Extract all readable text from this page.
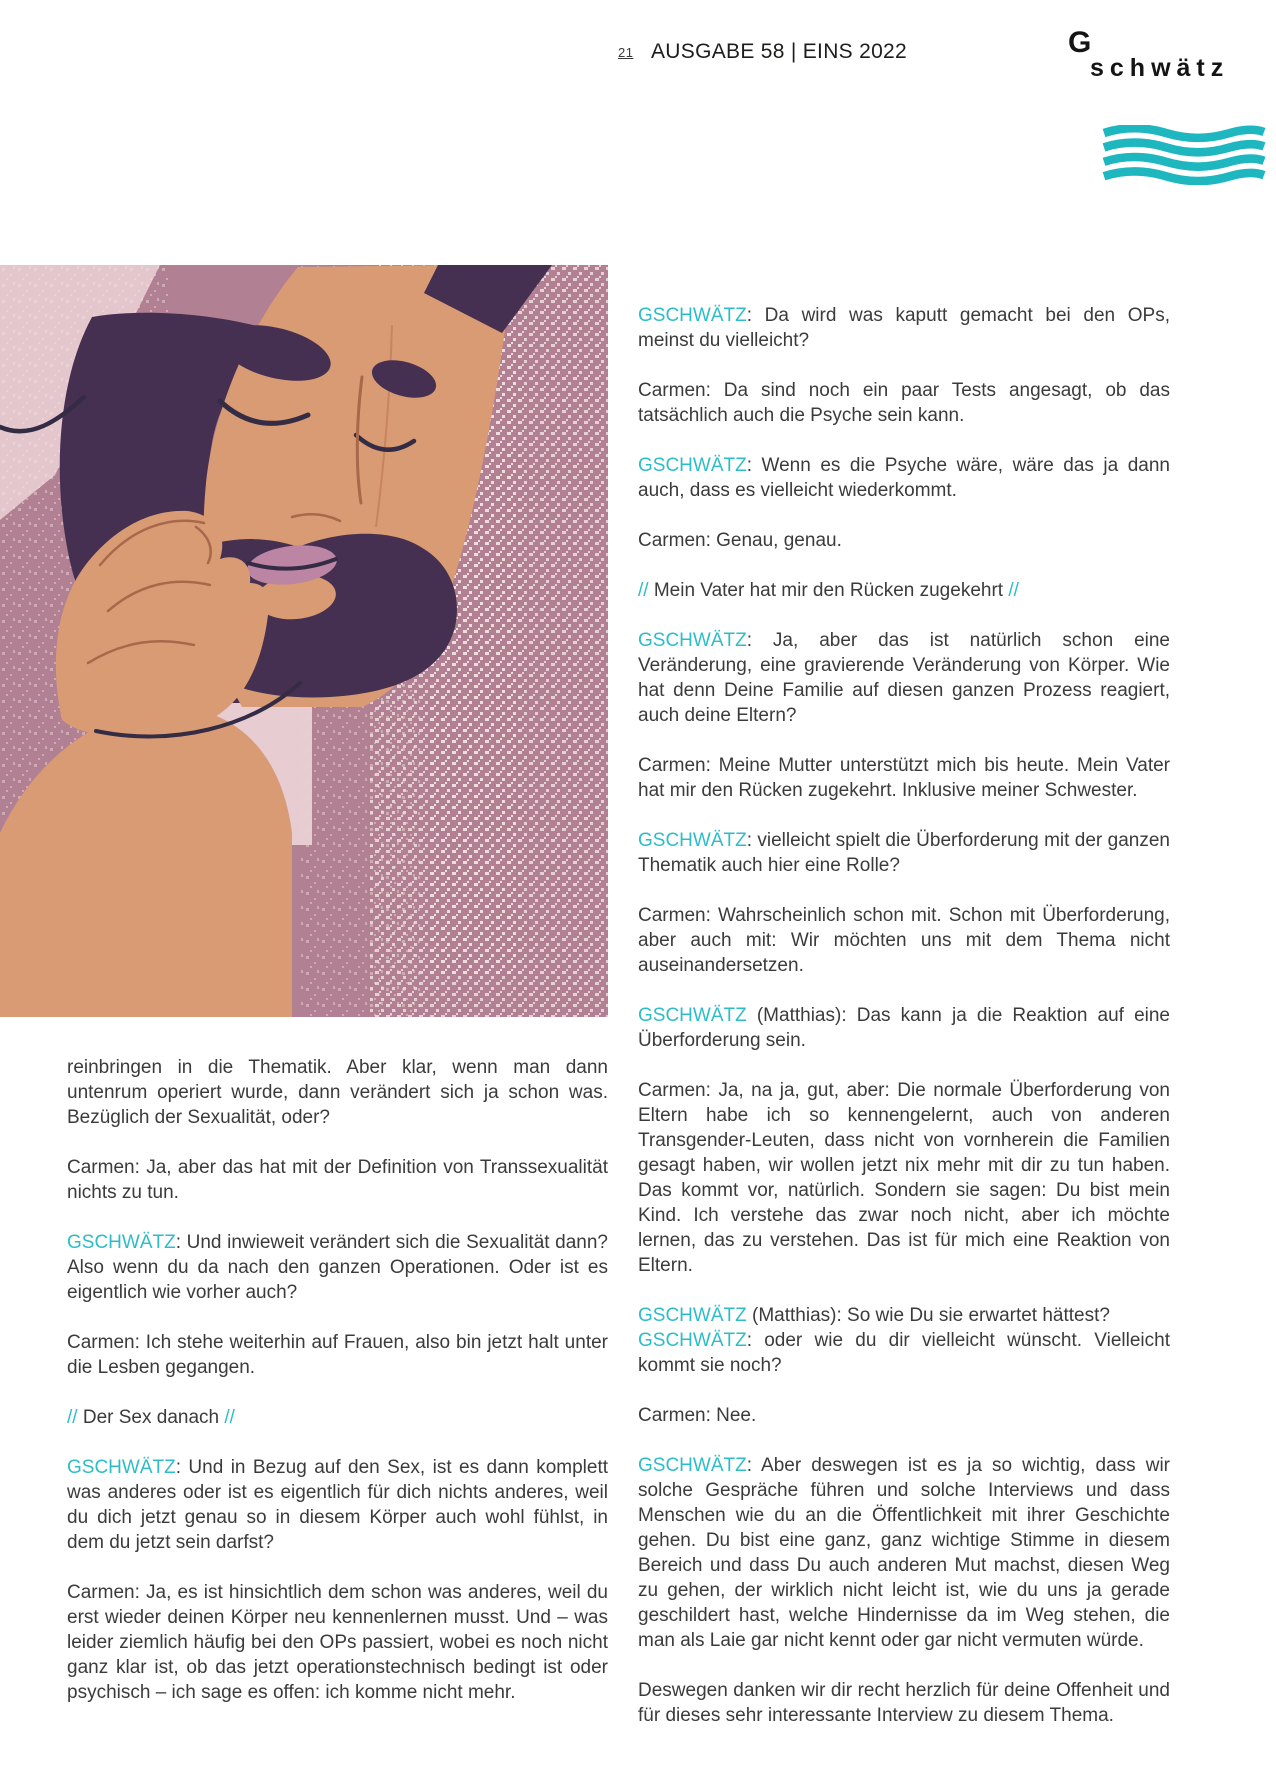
21 AUSGABE 58 | EINS 2022	G
schwätz

reinbringen in die Thematik. Aber klar, wenn man dann untenrum operiert wurde, dann verändert sich ja schon was. Bezüglich der Sexualität, oder?

Carmen: Ja, aber das hat mit der Definition von Transsexualität nichts zu tun.

GSCHWÄTZ: Und inwieweit verändert sich die Sexualität dann? Also wenn du da nach den ganzen Operationen. Oder ist es eigentlich wie vorher auch?

Carmen: Ich stehe weiterhin auf Frauen, also bin jetzt halt unter die Lesben gegangen.

// Der Sex danach //

GSCHWÄTZ: Und in Bezug auf den Sex, ist es dann komplett was anderes oder ist es eigentlich für dich nichts anderes, weil du dich jetzt genau so in diesem Körper auch wohl fühlst, in dem du jetzt sein darfst?

Carmen: Ja, es ist hinsichtlich dem schon was anderes, weil du erst wieder deinen Körper neu kennenlernen musst. Und – was leider ziemlich häufig bei den OPs passiert, wobei es noch nicht ganz klar ist, ob das jetzt operationstechnisch bedingt ist oder psychisch – ich sage es offen: ich komme nicht mehr.

GSCHWÄTZ: Da wird was kaputt gemacht bei den OPs, meinst du vielleicht?

Carmen: Da sind noch ein paar Tests angesagt, ob das tatsächlich auch die Psyche sein kann.

GSCHWÄTZ: Wenn es die Psyche wäre, wäre das ja dann auch, dass es vielleicht wiederkommt.

Carmen: Genau, genau.

// Mein Vater hat mir den Rücken zugekehrt //

GSCHWÄTZ: Ja, aber das ist natürlich schon eine Veränderung, eine gravierende Veränderung von Körper. Wie hat denn Deine Familie auf diesen ganzen Prozess reagiert, auch deine Eltern?

Carmen: Meine Mutter unterstützt mich bis heute. Mein Vater hat mir den Rücken zugekehrt. Inklusive meiner Schwester.

GSCHWÄTZ: vielleicht spielt die Überforderung mit der ganzen Thematik auch hier eine Rolle?

Carmen: Wahrscheinlich schon mit. Schon mit Überforderung, aber auch mit: Wir möchten uns mit dem Thema nicht auseinandersetzen.

GSCHWÄTZ (Matthias): Das kann ja die Reaktion auf eine Überforderung sein.

Carmen: Ja, na ja, gut, aber: Die normale Überforderung von Eltern habe ich so kennengelernt, auch von anderen Transgender-Leuten, dass nicht von vornherein die Familien gesagt haben, wir wollen jetzt nix mehr mit dir zu tun haben. Das kommt vor, natürlich. Sondern sie sagen: Du bist mein Kind. Ich verstehe das zwar noch nicht, aber ich möchte lernen, das zu verstehen. Das ist für mich eine Reaktion von Eltern.

GSCHWÄTZ (Matthias): So wie Du sie erwartet hättest?

GSCHWÄTZ: oder wie du dir vielleicht wünscht. Vielleicht kommt sie noch?

Carmen: Nee.

GSCHWÄTZ: Aber deswegen ist es ja so wichtig, dass wir solche Gespräche führen und solche Interviews und dass Menschen wie du an die Öffentlichkeit mit ihrer Geschichte gehen. Du bist eine ganz, ganz wichtige Stimme in diesem Bereich und dass Du auch anderen Mut machst, diesen Weg zu gehen, der wirklich nicht leicht ist, wie du uns ja gerade geschildert hast, welche Hindernisse da im Weg stehen, die man als Laie gar nicht kennt oder gar nicht vermuten würde.

Deswegen danken wir dir recht herzlich für deine Offenheit und für dieses sehr interessante Interview zu diesem Thema.
